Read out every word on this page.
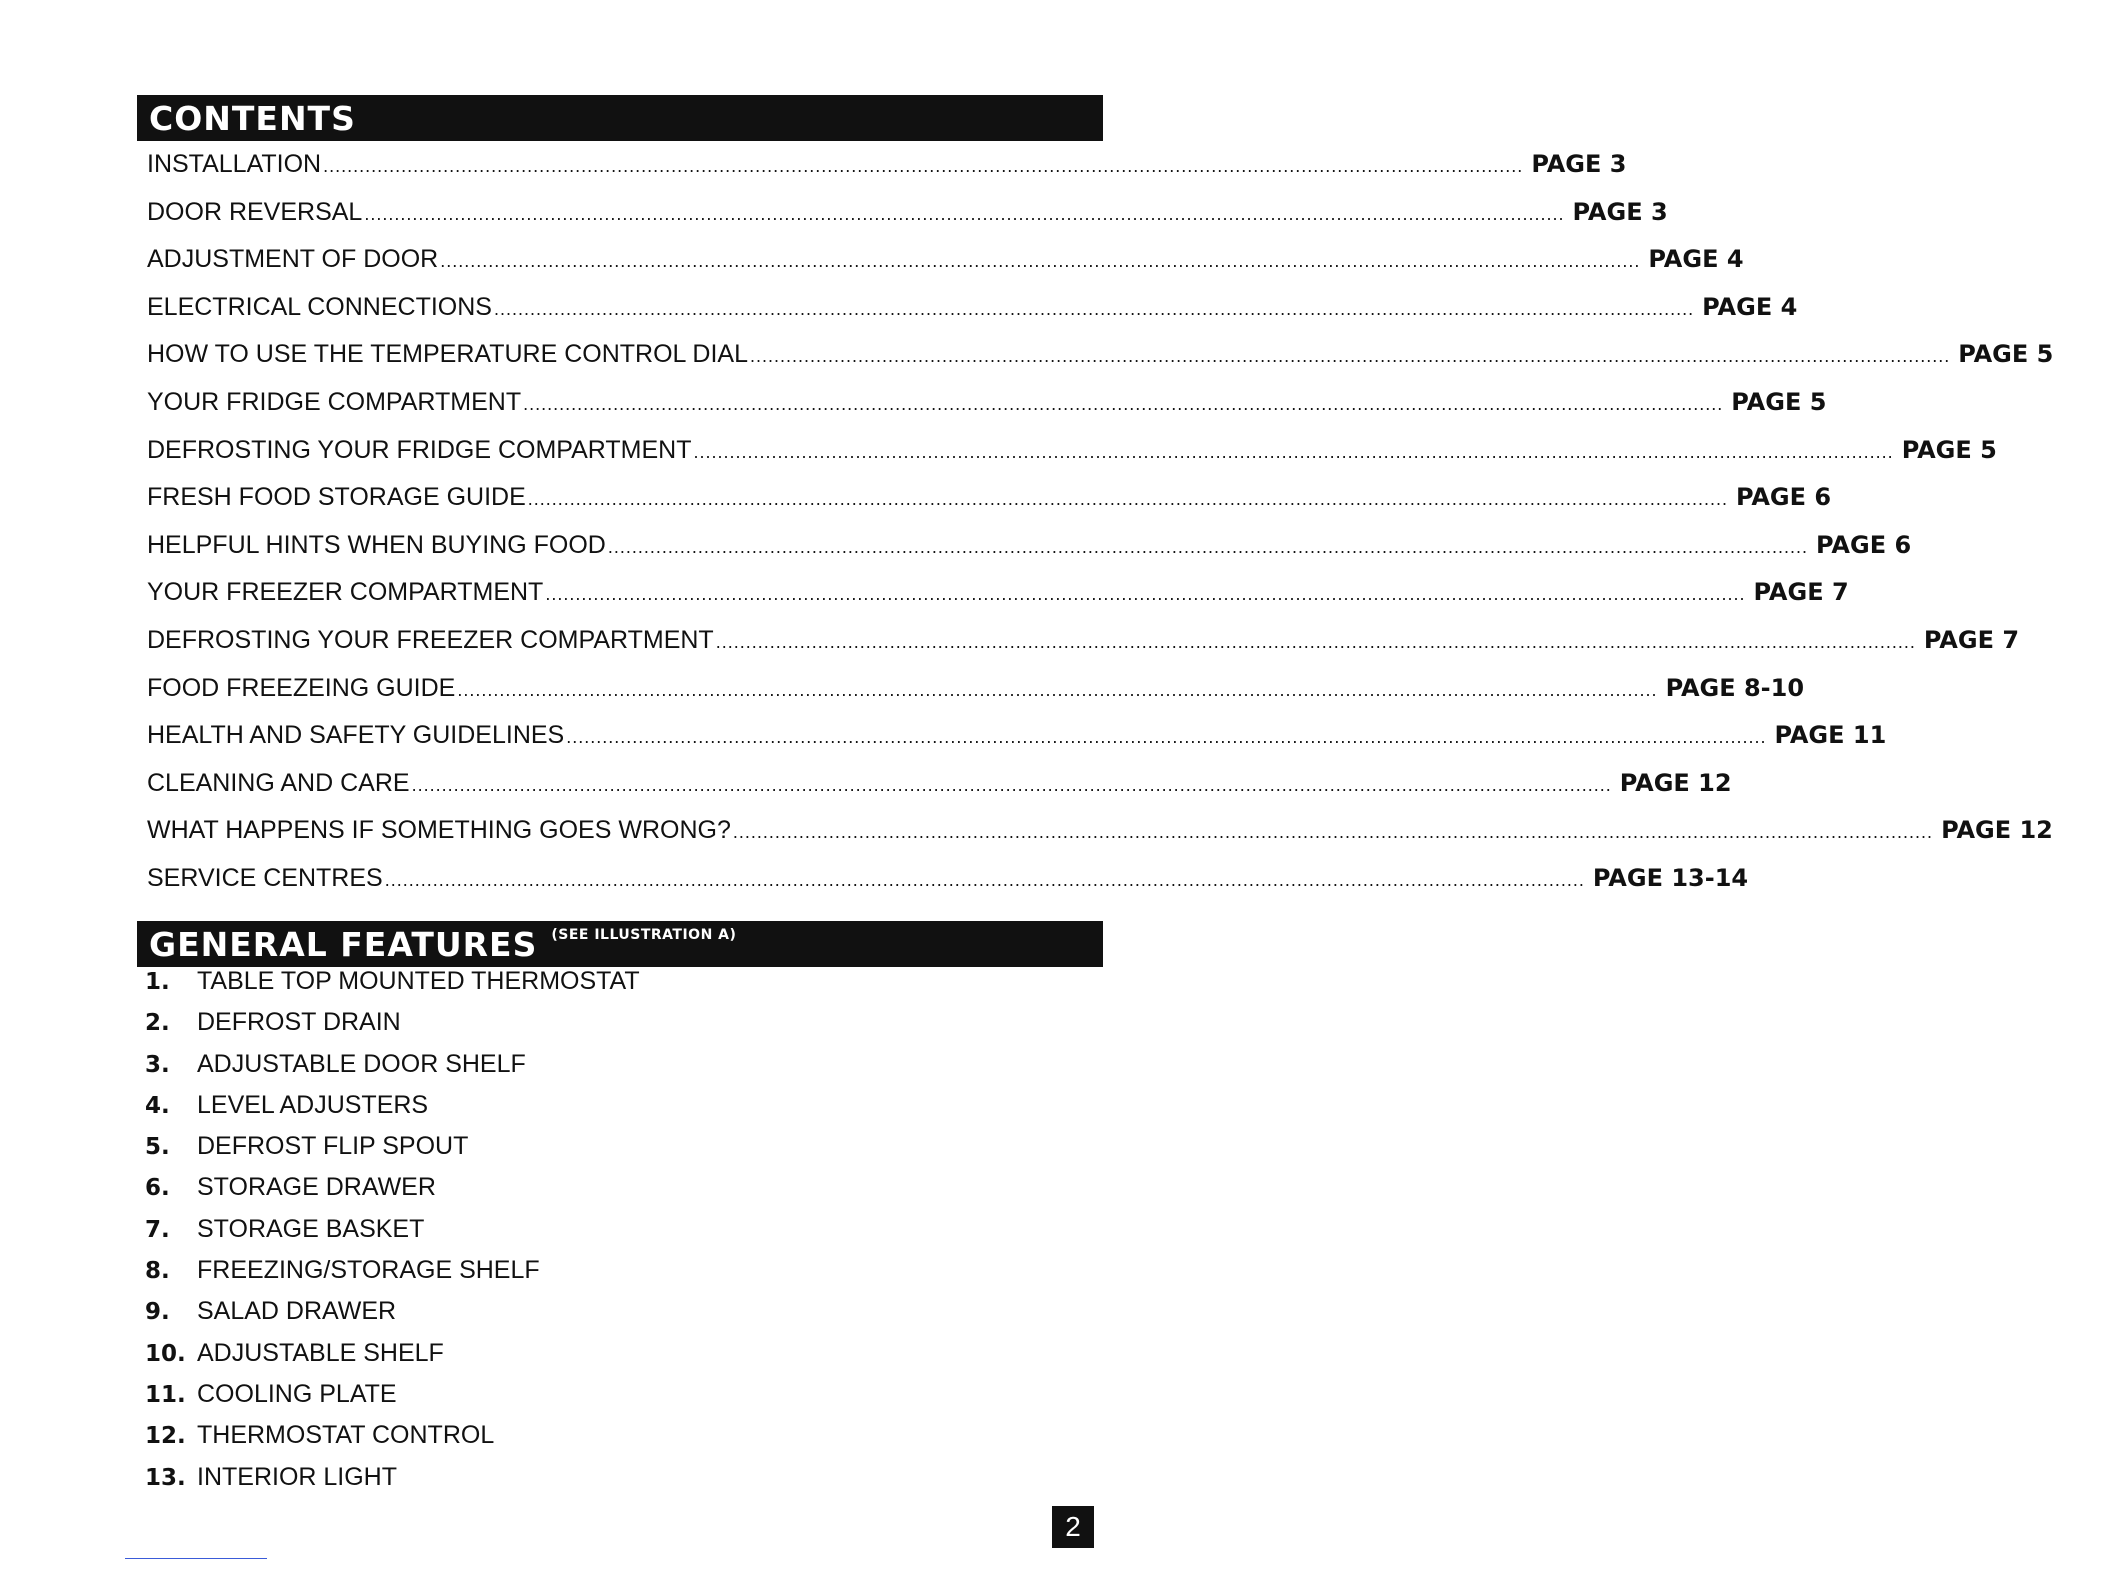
CONTENTS
INSTALLATION ........................................................................................................................................................................................................ PAGE 3
DOOR REVERSAL ........................................................................................................................................................................................................ PAGE 3
ADJUSTMENT OF DOOR ........................................................................................................................................................................................................ PAGE 4
ELECTRICAL CONNECTIONS ........................................................................................................................................................................................................ PAGE 4
HOW TO USE THE TEMPERATURE CONTROL DIAL ........................................................................................................................................................................................................ PAGE 5
YOUR FRIDGE COMPARTMENT ........................................................................................................................................................................................................ PAGE 5
DEFROSTING YOUR FRIDGE COMPARTMENT ........................................................................................................................................................................................................ PAGE 5
FRESH FOOD STORAGE GUIDE ........................................................................................................................................................................................................ PAGE 6
HELPFUL HINTS WHEN BUYING FOOD ........................................................................................................................................................................................................ PAGE 6
YOUR FREEZER COMPARTMENT ........................................................................................................................................................................................................ PAGE 7
DEFROSTING YOUR FREEZER COMPARTMENT ........................................................................................................................................................................................................ PAGE 7
FOOD FREEZEING GUIDE ........................................................................................................................................................................................................ PAGE 8-10
HEALTH AND SAFETY GUIDELINES ........................................................................................................................................................................................................ PAGE 11
CLEANING AND CARE ........................................................................................................................................................................................................ PAGE 12
WHAT HAPPENS IF SOMETHING GOES WRONG? ........................................................................................................................................................................................................ PAGE 12
SERVICE CENTRES ........................................................................................................................................................................................................ PAGE 13-14
GENERAL FEATURES (SEE ILLUSTRATION A)
1.	TABLE TOP MOUNTED THERMOSTAT
2.	DEFROST DRAIN
3.	ADJUSTABLE DOOR SHELF
4.	LEVEL ADJUSTERS
5.	DEFROST FLIP SPOUT
6.	STORAGE DRAWER
7.	STORAGE BASKET
8.	FREEZING/STORAGE SHELF
9.	SALAD DRAWER
10. ADJUSTABLE SHELF
11. COOLING PLATE
12. THERMOSTAT CONTROL
13. INTERIOR LIGHT
2
